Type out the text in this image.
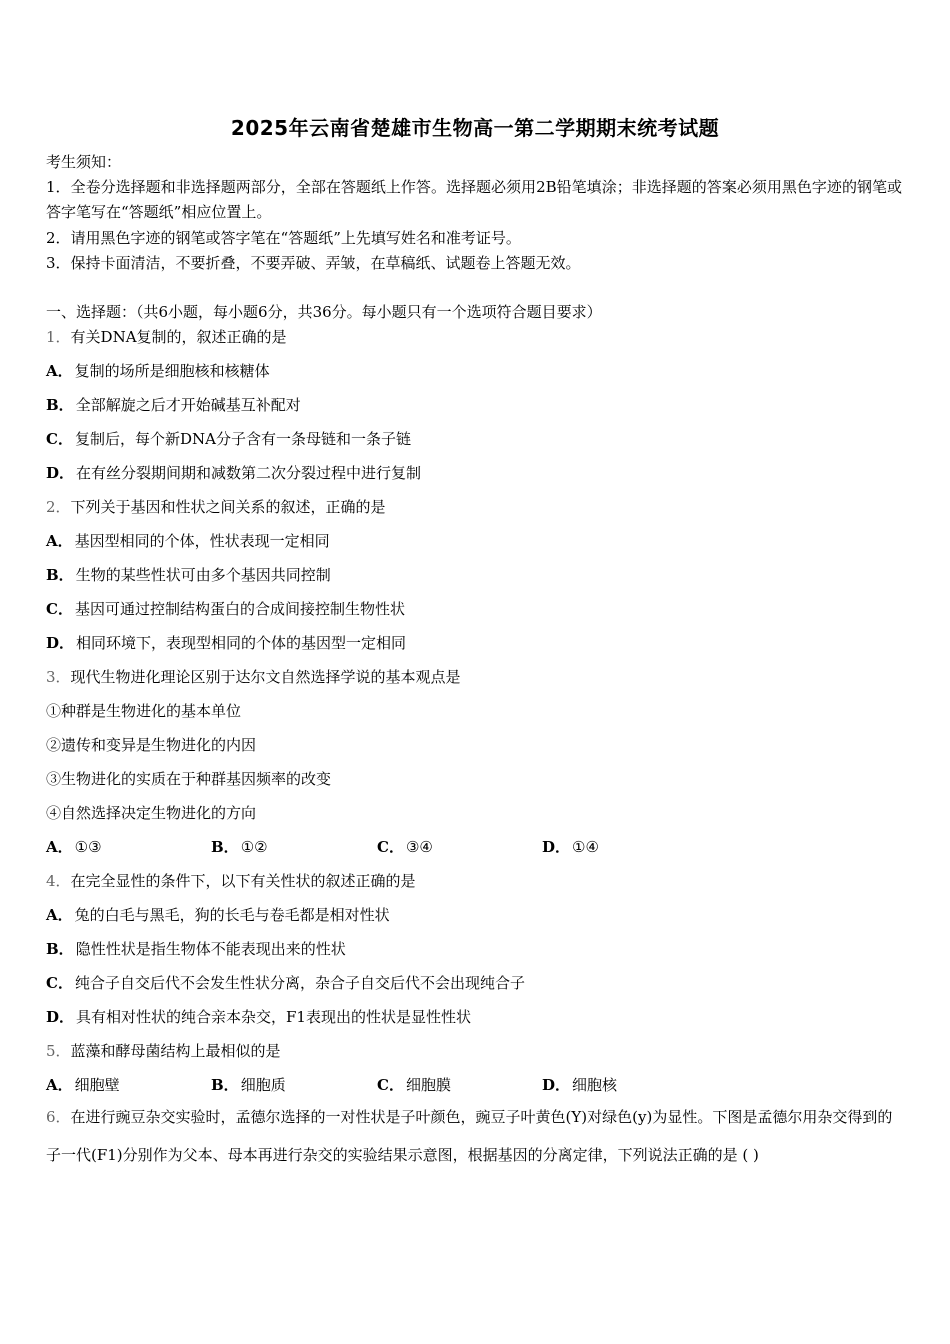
2025年云南省楚雄市生物高一第二学期期末统考试题
考生须知：
1．全卷分选择题和非选择题两部分，全部在答题纸上作答。选择题必须用2B铅笔填涂；非选择题的答案必须用黑色字迹的钢笔或答字笔写在“答题纸”相应位置上。
2．请用黑色字迹的钢笔或答字笔在“答题纸”上先填写姓名和准考证号。
3．保持卡面清洁，不要折叠，不要弄破、弄皱，在草稿纸、试题卷上答题无效。
一、选择题：（共6小题，每小题6分，共36分。每小题只有一个选项符合题目要求）
1．有关DNA复制的，叙述正确的是
A． 复制的场所是细胞核和核糖体
B． 全部解旋之后才开始碱基互补配对
C． 复制后，每个新DNA分子含有一条母链和一条子链
D． 在有丝分裂期间期和减数第二次分裂过程中进行复制
2．下列关于基因和性状之间关系的叙述，正确的是
A． 基因型相同的个体，性状表现一定相同
B． 生物的某些性状可由多个基因共同控制
C． 基因可通过控制结构蛋白的合成间接控制生物性状
D． 相同环境下，表现型相同的个体的基因型一定相同
3．现代生物进化理论区别于达尔文自然选择学说的基本观点是
①种群是生物进化的基本单位
②遗传和变异是生物进化的内因
③生物进化的实质在于种群基因频率的改变
④自然选择决定生物进化的方向
A． ①③	B． ①②	C． ③④	D． ①④
4．在完全显性的条件下，以下有关性状的叙述正确的是
A． 兔的白毛与黑毛，狗的长毛与卷毛都是相对性状
B． 隐性性状是指生物体不能表现出来的性状
C． 纯合子自交后代不会发生性状分离，杂合子自交后代不会出现纯合子
D． 具有相对性状的纯合亲本杂交，F1表现出的性状是显性性状
5．蓝藻和酵母菌结构上最相似的是
A． 细胞壁	B． 细胞质	C． 细胞膜	D． 细胞核
6．在进行豌豆杂交实验时，孟德尔选择的一对性状是子叶颜色，豌豆子叶黄色(Y)对绿色(y)为显性。下图是孟德尔用杂交得到的子一代(F1)分别作为父本、母本再进行杂交的实验结果示意图，根据基因的分离定律，下列说法正确的是 ( )
